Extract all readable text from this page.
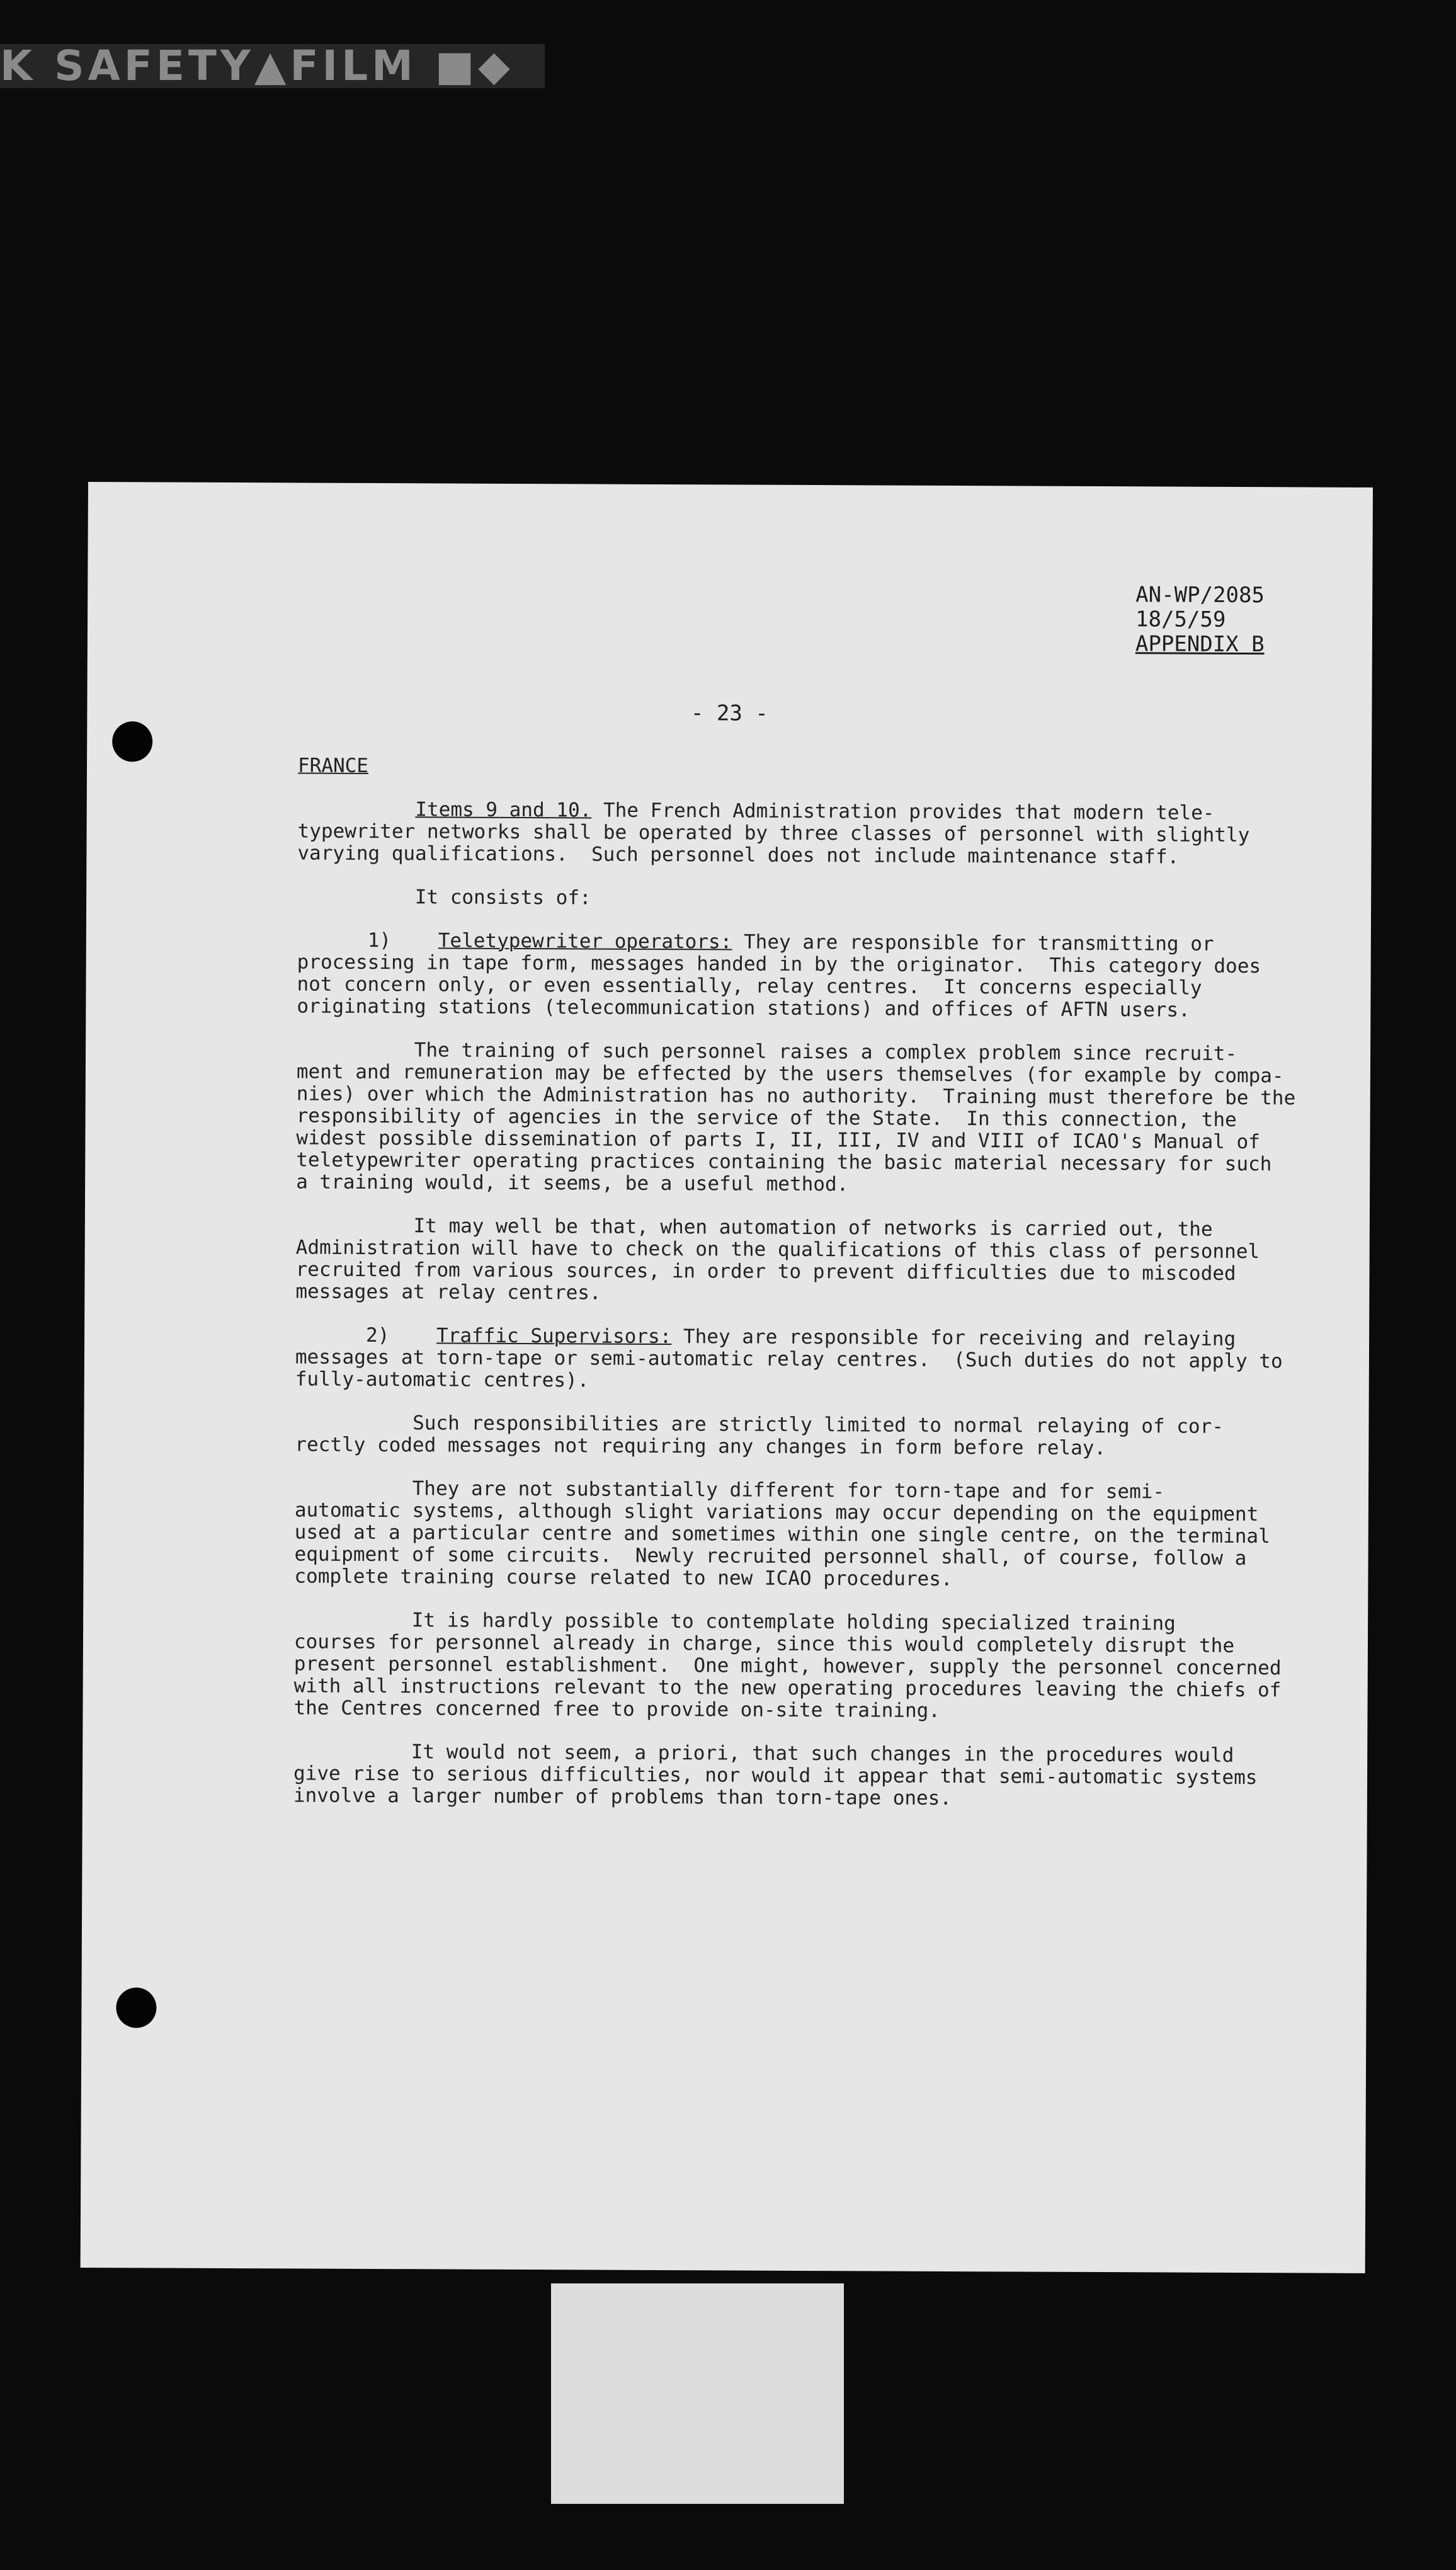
K SAFETY▲FILM ■◆
AN-WP/2085
18/5/59
APPENDIX B
- 23 -
FRANCE
Items 9 and 10. The French Administration provides that modern tele-
typewriter networks shall be operated by three classes of personnel with slightly
varying qualifications.  Such personnel does not include maintenance staff.
It consists of:
1)    Teletypewriter operators: They are responsible for transmitting or
processing in tape form, messages handed in by the originator.  This category does
not concern only, or even essentially, relay centres.  It concerns especially
originating stations (telecommunication stations) and offices of AFTN users.
The training of such personnel raises a complex problem since recruit-
ment and remuneration may be effected by the users themselves (for example by compa-
nies) over which the Administration has no authority.  Training must therefore be the
responsibility of agencies in the service of the State.  In this connection, the
widest possible dissemination of parts I, II, III, IV and VIII of ICAO's Manual of
teletypewriter operating practices containing the basic material necessary for such
a training would, it seems, be a useful method.
It may well be that, when automation of networks is carried out, the
Administration will have to check on the qualifications of this class of personnel
recruited from various sources, in order to prevent difficulties due to miscoded
messages at relay centres.
2)    Traffic Supervisors: They are responsible for receiving and relaying
messages at torn-tape or semi-automatic relay centres.  (Such duties do not apply to
fully-automatic centres).
Such responsibilities are strictly limited to normal relaying of cor-
rectly coded messages not requiring any changes in form before relay.
They are not substantially different for torn-tape and for semi-
automatic systems, although slight variations may occur depending on the equipment
used at a particular centre and sometimes within one single centre, on the terminal
equipment of some circuits.  Newly recruited personnel shall, of course, follow a
complete training course related to new ICAO procedures.
It is hardly possible to contemplate holding specialized training
courses for personnel already in charge, since this would completely disrupt the
present personnel establishment.  One might, however, supply the personnel concerned
with all instructions relevant to the new operating procedures leaving the chiefs of
the Centres concerned free to provide on-site training.
It would not seem, a priori, that such changes in the procedures would
give rise to serious difficulties, nor would it appear that semi-automatic systems
involve a larger number of problems than torn-tape ones.
